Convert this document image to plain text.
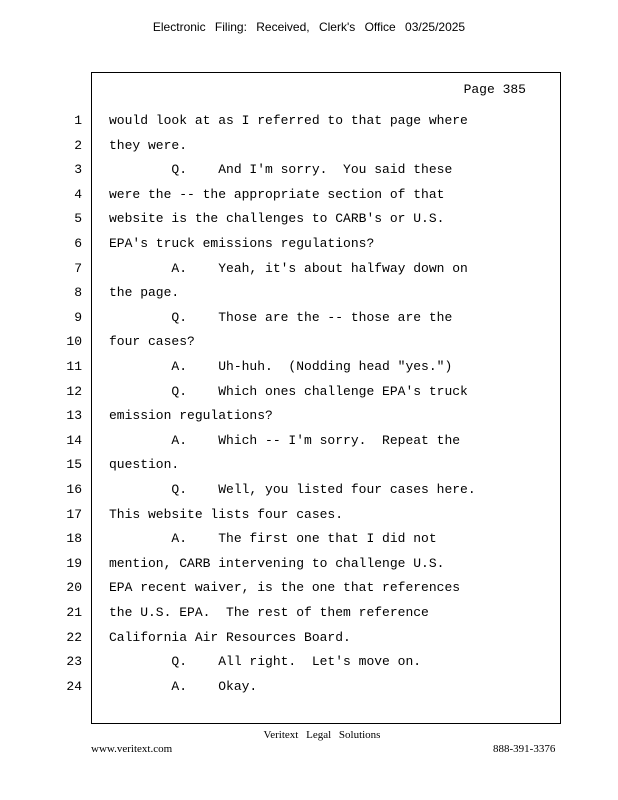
Electronic Filing: Received, Clerk's Office 03/25/2025
Page 385
1 would look at as I referred to that page where
2 they were.
3 Q.    And I'm sorry.  You said these
4 were the -- the appropriate section of that
5 website is the challenges to CARB's or U.S.
6 EPA's truck emissions regulations?
7 A.    Yeah, it's about halfway down on
8 the page.
9 Q.    Those are the -- those are the
10 four cases?
11 A.    Uh-huh.  (Nodding head "yes.")
12 Q.    Which ones challenge EPA's truck
13 emission regulations?
14 A.    Which -- I'm sorry.  Repeat the
15 question.
16 Q.    Well, you listed four cases here.
17 This website lists four cases.
18 A.    The first one that I did not
19 mention, CARB intervening to challenge U.S.
20 EPA recent waiver, is the one that references
21 the U.S. EPA.  The rest of them reference
22 California Air Resources Board.
23 Q.    All right.  Let's move on.
24 A.    Okay.
Veritext Legal Solutions
www.veritext.com	888-391-3376
